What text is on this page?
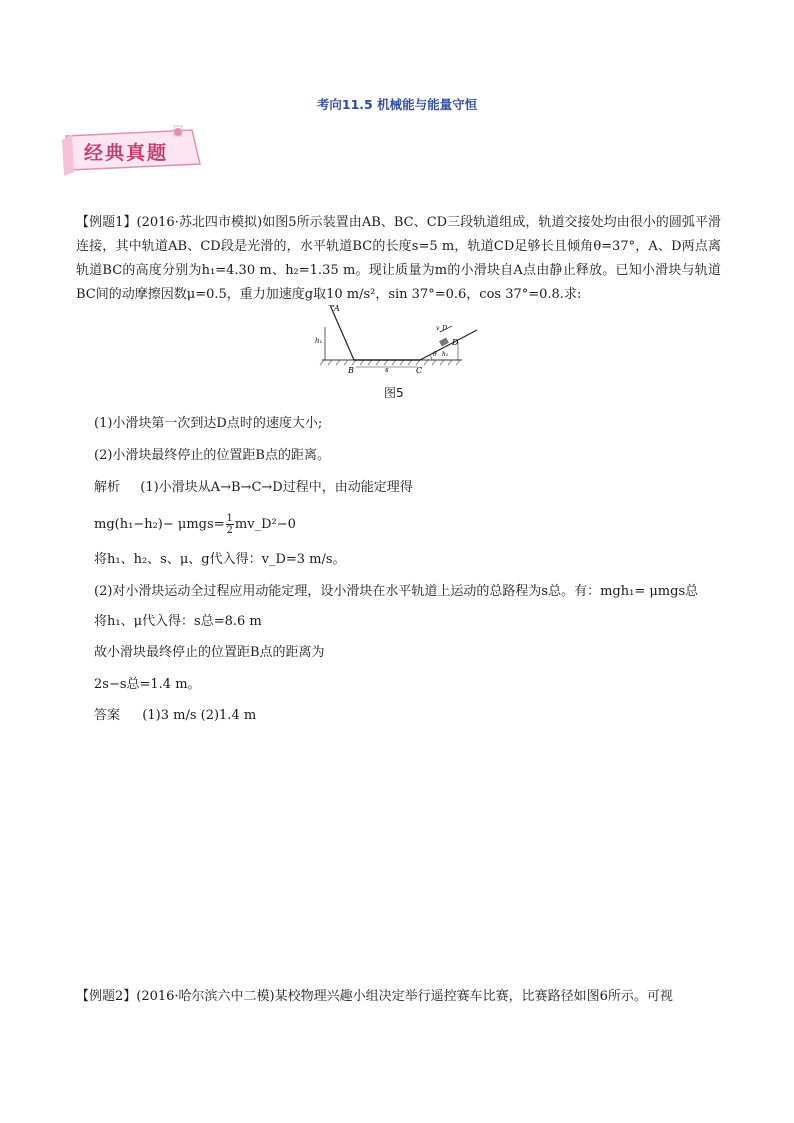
考向11.5 机械能与能量守恒
经典真题
【例题1】(2016·苏北四市模拟)如图5所示装置由AB、BC、CD三段轨道组成，轨道交接处均由很小的圆弧平滑连接，其中轨道AB、CD段是光滑的，水平轨道BC的长度s=5 m，轨道CD足够长且倾角θ=37°，A、D两点离轨道BC的高度分别为h₁=4.30 m、h₂=1.35 m。现让质量为m的小滑块自A点由静止释放。已知小滑块与轨道BC间的动摩擦因数μ=0.5，重力加速度g取10 m/s²，sin 37°=0.6，cos 37°=0.8.求:
A
h₁
B	s	C
v_D
D
h₂
θ
图5
(1)小滑块第一次到达D点时的速度大小;
(2)小滑块最终停止的位置距B点的距离。
解析 (1)小滑块从A→B→C→D过程中，由动能定理得
$mg(h_1-h_2)- \mu mgs= \frac{1}{2}$ mv_D²−0
将h₁、h₂、s、μ、g代入得：v_D=3 m/s。
(2)对小滑块运动全过程应用动能定理，设小滑块在水平轨道上运动的总路程为s总。有：mgh₁= μmgs总
将h₁、μ代入得：s总=8.6 m
故小滑块最终停止的位置距B点的距离为
2s−s总=1.4 m。
答案 (1)3 m/s (2)1.4 m
【例题2】(2016·哈尔滨六中二模)某校物理兴趣小组决定举行遥控赛车比赛，比赛路径如图6所示。可视
